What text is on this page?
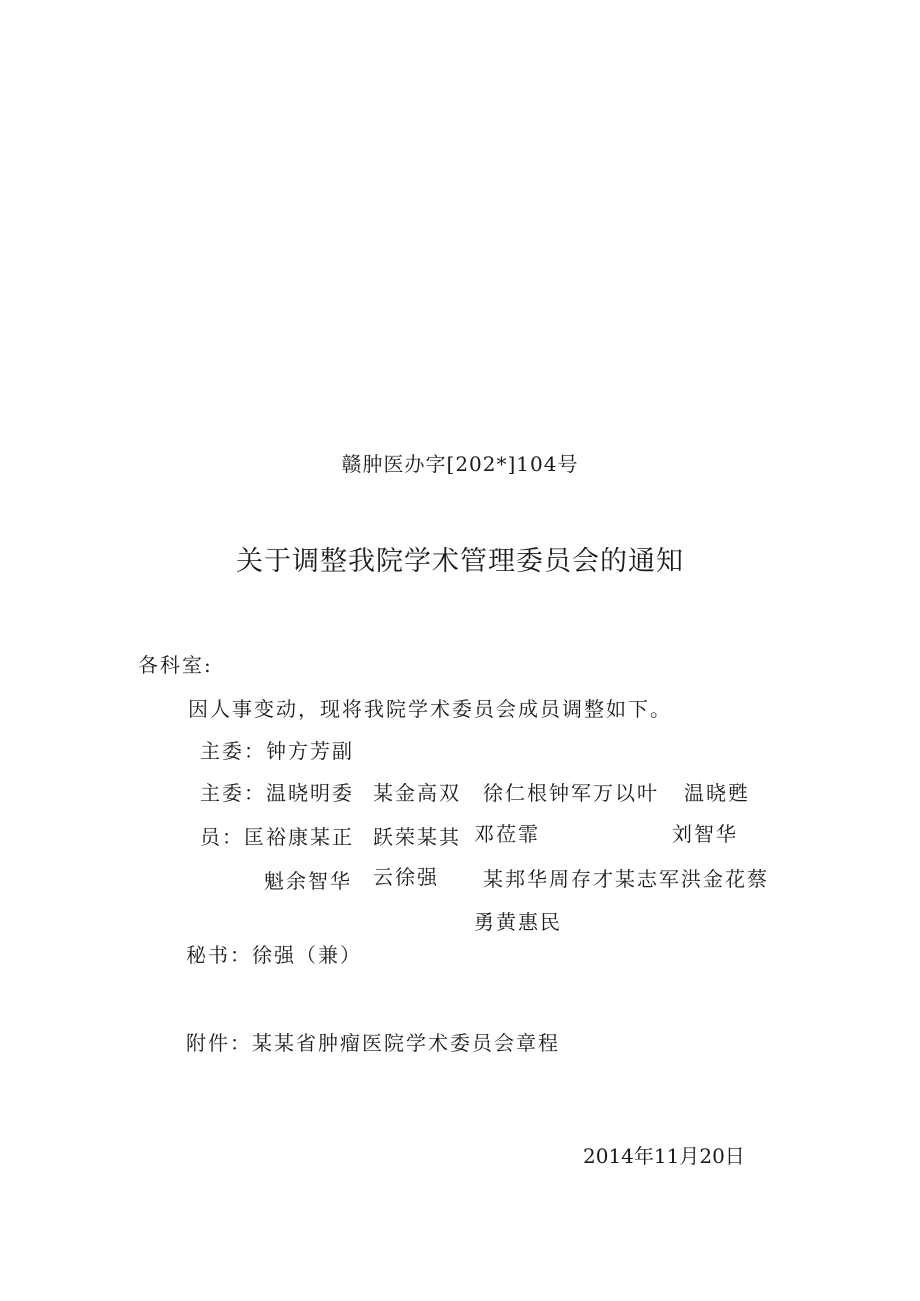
赣肿医办字[202*]104号
关于调整我院学术管理委员会的通知
各科室:
因人事变动，现将我院学术委员会成员调整如下。
主委：钟方芳副
主委：温晓明委 某金高双 徐仁根钟军万以叶 温晓甦
员：匡裕康某正 跃荣某其 邓莅霏	刘智华
魁余智华 云徐强 某邦华周存才某志军洪金花蔡
勇黄惠民
秘书：徐强（兼）
附件：某某省肿瘤医院学术委员会章程
2014年11月20日
